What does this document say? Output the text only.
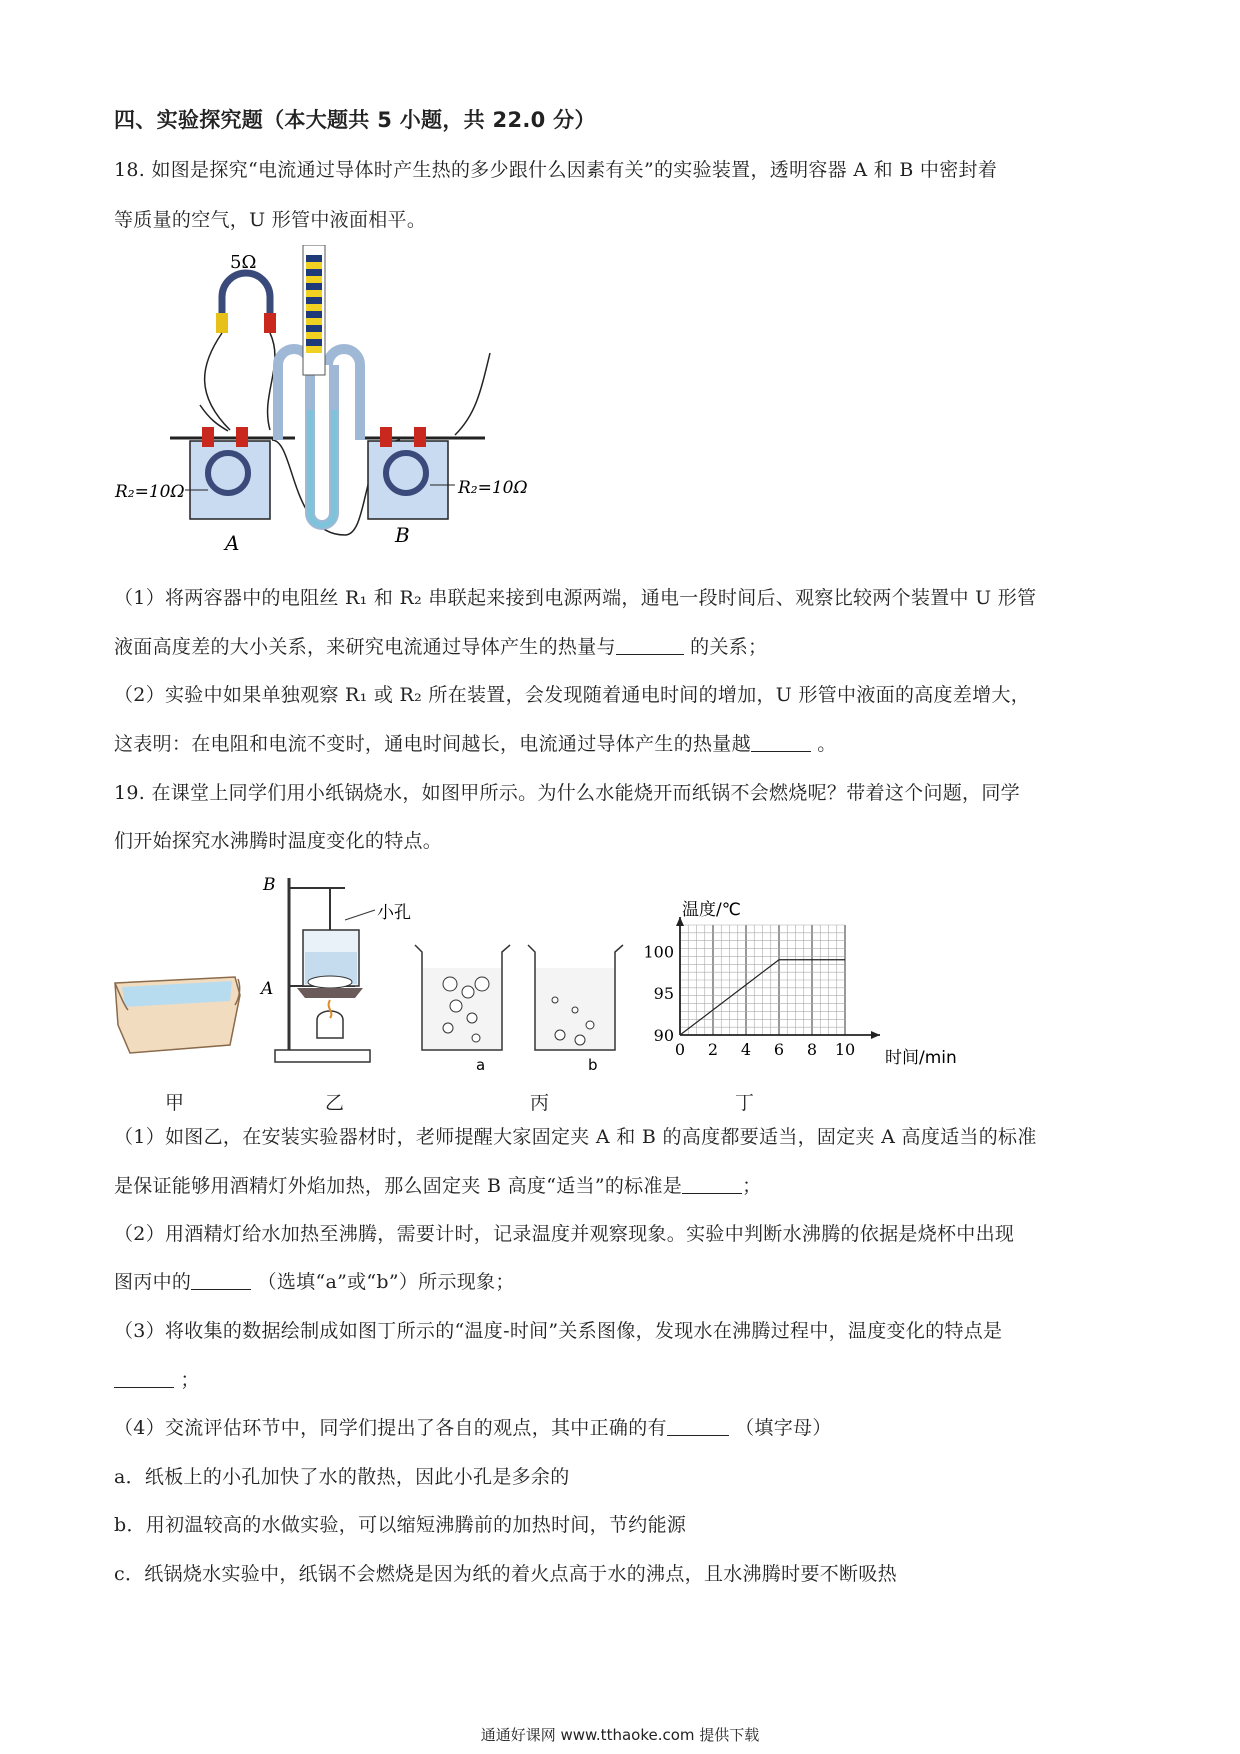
四、实验探究题（本大题共 5 小题，共 22.0 分）
18. 如图是探究“电流通过导体时产生热的多少跟什么因素有关”的实验装置，透明容器 A 和 B 中密封着
等质量的空气，U 形管中液面相平。
5Ω
R₂=10Ω	R₂=10Ω
A	B
（1）将两容器中的电阻丝 R₁ 和 R₂ 串联起来接到电源两端，通电一段时间后、观察比较两个装置中 U 形管
液面高度差的大小关系，来研究电流通过导体产生的热量与	的关系；
（2）实验中如果单独观察 R₁ 或 R₂ 所在装置，会发现随着通电时间的增加，U 形管中液面的高度差增大，
这表明：在电阻和电流不变时，通电时间越长，电流通过导体产生的热量越	。
19. 在课堂上同学们用小纸锅烧水，如图甲所示。为什么水能烧开而纸锅不会燃烧呢？带着这个问题，同学
们开始探究水沸腾时温度变化的特点。
甲
B
A
小孔
乙
a	b
丙
0 2 4 6 8 10
90
95
100
温度/℃
时间/min
丁
（1）如图乙，在安装实验器材时，老师提醒大家固定夹 A 和 B 的高度都要适当，固定夹 A 高度适当的标准
是保证能够用酒精灯外焰加热，那么固定夹 B 高度“适当”的标准是	；
（2）用酒精灯给水加热至沸腾，需要计时，记录温度并观察现象。实验中判断水沸腾的依据是烧杯中出现
图丙中的	（选填“a”或“b”）所示现象；
（3）将收集的数据绘制成如图丁所示的“温度-时间”关系图像，发现水在沸腾过程中，温度变化的特点是
；
（4）交流评估环节中，同学们提出了各自的观点，其中正确的有	（填字母）
a．纸板上的小孔加快了水的散热，因此小孔是多余的
b．用初温较高的水做实验，可以缩短沸腾前的加热时间，节约能源
c．纸锅烧水实验中，纸锅不会燃烧是因为纸的着火点高于水的沸点，且水沸腾时要不断吸热
通通好课网 www.tthaoke.com 提供下载
